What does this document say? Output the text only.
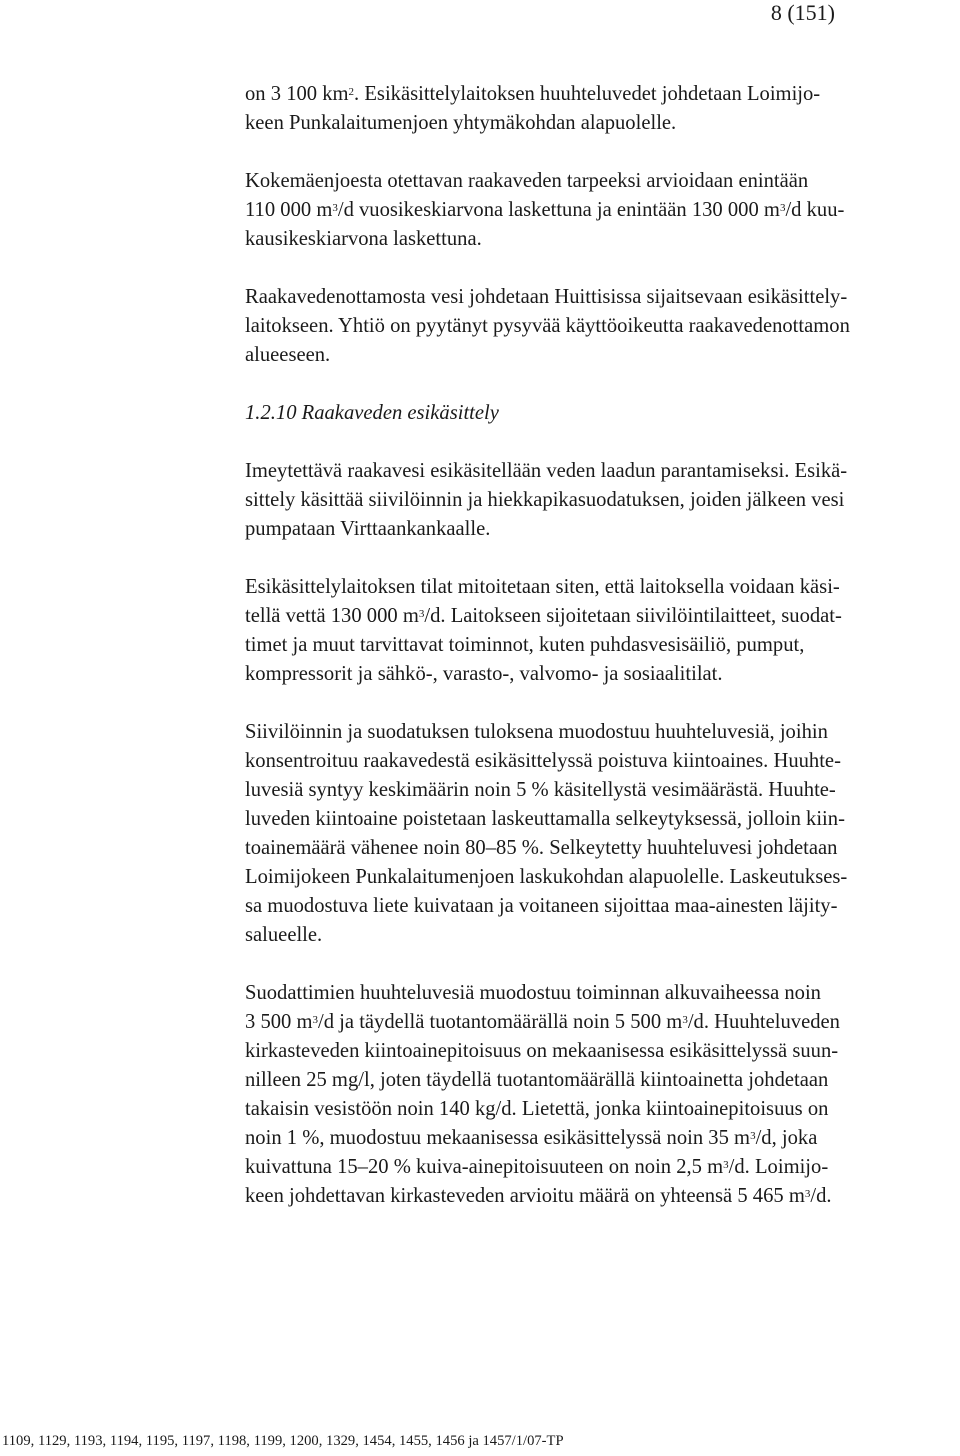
8 (151)

on 3 100 $km^2$. Esikäsittelylaitoksen huuhteluvedet johdetaan Loimijo-
keen Punkalaitumenjoen yhtymäkohdan alapuolelle.

Kokemäenjoesta otettavan raakaveden tarpeeksi arvioidaan enintään
110 000 $m^3/d$ vuosikeskiarvona laskettuna ja enintään 130 000 $m^3/d$ kuu-
kausikeskiarvona laskettuna.

Raakavedenottamosta vesi johdetaan Huittisissa sijaitsevaan esikäsittely-
laitokseen. Yhtiö on pyytänyt pysyvää käyttöoikeutta raakavedenottamon
alueeseen.

1.2.10 Raakaveden esikäsittely

Imeytettävä raakavesi esikäsitellään veden laadun parantamiseksi. Esikä-
sittely käsittää siivilöinnin ja hiekkapikasuodatuksen, joiden jälkeen vesi
pumpataan Virttaankankaalle.

Esikäsittelylaitoksen tilat mitoitetaan siten, että laitoksella voidaan käsi-
tellä vettä 130 000 $m^3/d$. Laitokseen sijoitetaan siivilöintilaitteet, suodat-
timet ja muut tarvittavat toiminnot, kuten puhdasvesisäiliö, pumput,
kompressorit ja sähkö-, varasto-, valvomo- ja sosiaalitilat.

Siivilöinnin ja suodatuksen tuloksena muodostuu huuhteluvesiä, joihin
konsentroituu raakavedestä esikäsittelyssä poistuva kiintoaines. Huuhte-
luvesiä syntyy keskimäärin noin 5 % käsitellystä vesimäärästä. Huuhte-
luveden kiintoaine poistetaan laskeuttamalla selkeytyksessä, jolloin kiin-
toainemäärä vähenee noin 80–85 %. Selkeytetty huuhteluvesi johdetaan
Loimijokeen Punkalaitumenjoen laskukohdan alapuolelle. Laskeutukses-
sa muodostuva liete kuivataan ja voitaneen sijoittaa maa-ainesten läjity-
salueelle.

Suodattimien huuhteluvesiä muodostuu toiminnan alkuvaiheessa noin
3 500 $m^3/d$ ja täydellä tuotantomäärällä noin 5 500 $m^3/d$. Huuhteluveden
kirkasteveden kiintoainepitoisuus on mekaanisessa esikäsittelyssä suun-
nilleen 25 mg/l, joten täydellä tuotantomäärällä kiintoainetta johdetaan
takaisin vesistöön noin 140 kg/d. Lietettä, jonka kiintoainepitoisuus on
noin 1 %, muodostuu mekaanisessa esikäsittelyssä noin 35 $m^3/d$, joka
kuivattuna 15–20 % kuiva-ainepitoisuuteen on noin 2,5 $m^3/d$. Loimijo-
keen johdettavan kirkasteveden arvioitu määrä on yhteensä 5 465 $m^3/d$.

1109, 1129, 1193, 1194, 1195, 1197, 1198, 1199, 1200, 1329, 1454, 1455, 1456 ja 1457/1/07-TP
